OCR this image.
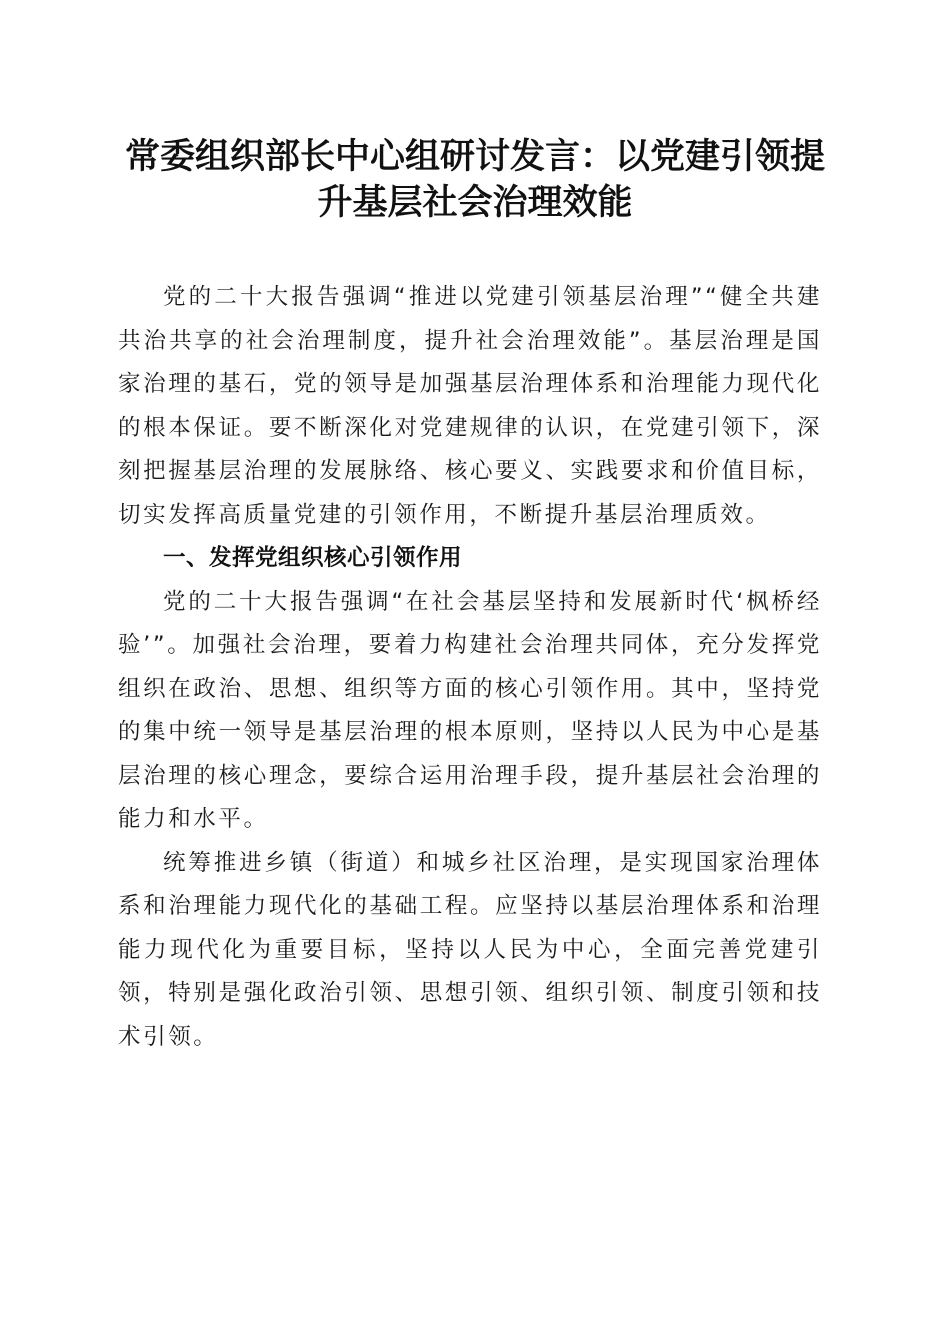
常委组织部长中心组研讨发言：以党建引领提升基层社会治理效能

党的二十大报告强调“推进以党建引领基层治理”“健全共建共治共享的社会治理制度，提升社会治理效能”。基层治理是国家治理的基石，党的领导是加强基层治理体系和治理能力现代化的根本保证。要不断深化对党建规律的认识，在党建引领下，深刻把握基层治理的发展脉络、核心要义、实践要求和价值目标，切实发挥高质量党建的引领作用，不断提升基层治理质效。

一、发挥党组织核心引领作用

党的二十大报告强调“在社会基层坚持和发展新时代‘枫桥经验’”。加强社会治理，要着力构建社会治理共同体，充分发挥党组织在政治、思想、组织等方面的核心引领作用。其中，坚持党的集中统一领导是基层治理的根本原则，坚持以人民为中心是基层治理的核心理念，要综合运用治理手段，提升基层社会治理的能力和水平。

统筹推进乡镇（街道）和城乡社区治理，是实现国家治理体系和治理能力现代化的基础工程。应坚持以基层治理体系和治理能力现代化为重要目标，坚持以人民为中心，全面完善党建引领，特别是强化政治引领、思想引领、组织引领、制度引领和技术引领。
